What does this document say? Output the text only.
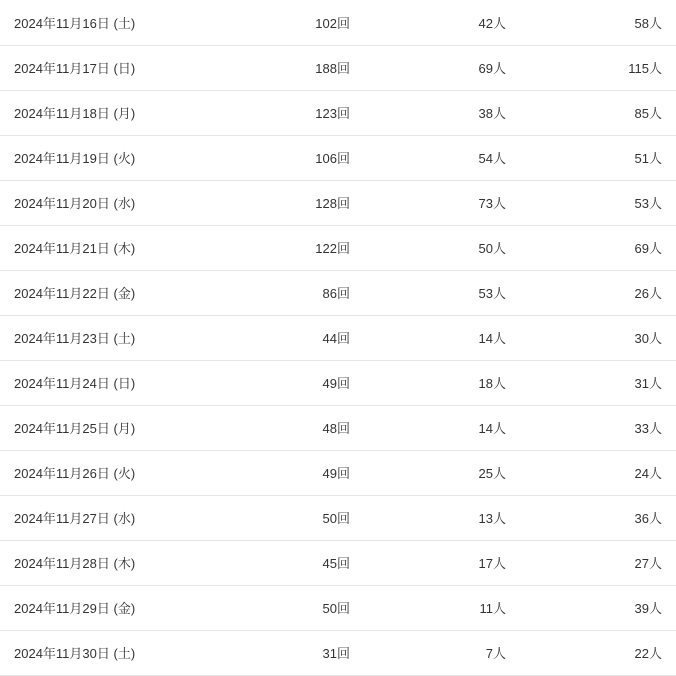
2024年11月16日 (土)	102回	42人	58人
2024年11月17日 (日)	188回	69人	115人
2024年11月18日 (月)	123回	38人	85人
2024年11月19日 (火)	106回	54人	51人
2024年11月20日 (水)	128回	73人	53人
2024年11月21日 (木)	122回	50人	69人
2024年11月22日 (金)	86回	53人	26人
2024年11月23日 (土)	44回	14人	30人
2024年11月24日 (日)	49回	18人	31人
2024年11月25日 (月)	48回	14人	33人
2024年11月26日 (火)	49回	25人	24人
2024年11月27日 (水)	50回	13人	36人
2024年11月28日 (木)	45回	17人	27人
2024年11月29日 (金)	50回	11人	39人
2024年11月30日 (土)	31回	7人	22人
